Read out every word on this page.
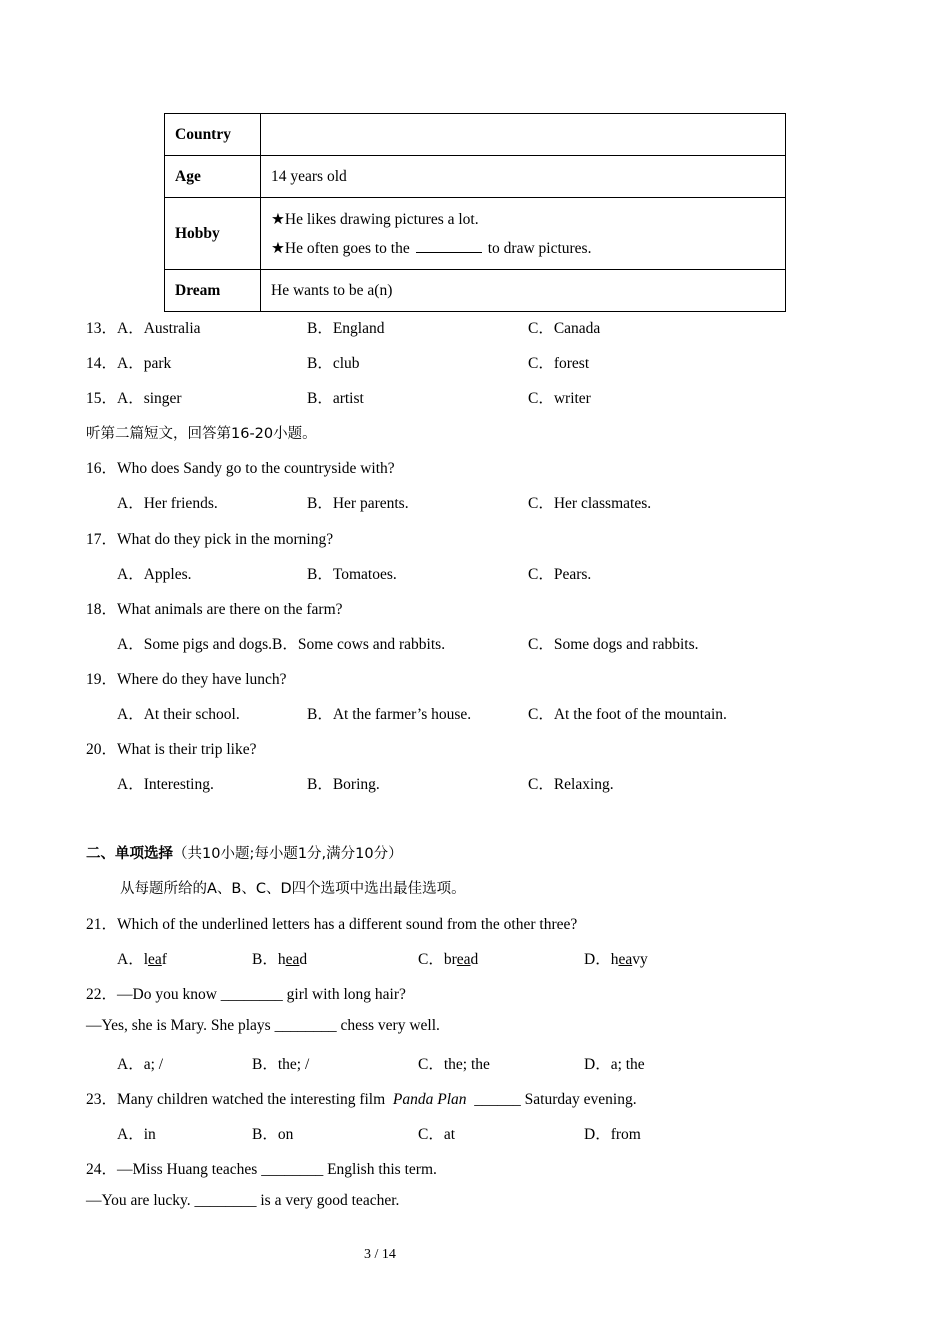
Country	
Age	14 years old
Hobby	★He likes drawing pictures a lot.
★He often goes to the to draw pictures.

Dream	He wants to be a(n)
13．A．Australia	B．England	C．Canada
14．A．park	B．club	C．forest
15．A．singer	B．artist	C．writer
听第二篇短文，回答第16-20小题。
16．Who does Sandy go to the countryside with?
A．Her friends.	B．Her parents.	C．Her classmates.
17．What do they pick in the morning?
A．Apples.	B．Tomatoes.	C．Pears.
18．What animals are there on the farm?
A．Some pigs and dogs.B．Some cows and rabbits.	C．Some dogs and rabbits.
19．Where do they have lunch?
A．At their school.	B．At the farmer’s house.	C．At the foot of the mountain.
20．What is their trip like?
A．Interesting.	B．Boring.	C．Relaxing.
二、单项选择（共10小题;每小题1分,满分10分）
从每题所给的A、B、C、D四个选项中选出最佳选项。
21．Which of the underlined letters has a different sound from the other three?
A．leaf	B．head	C．bread	D．heavy
22．—Do you know ________ girl with long hair?
—Yes, she is Mary. She plays ________ chess very well.
A．a; /	B．the; /	C．the; the	D．a; the
23．Many children watched the interesting film Panda Plan ______ Saturday evening.
A．in	B．on	C．at	D．from
24．—Miss Huang teaches ________ English this term.
—You are lucky. ________ is a very good teacher.
3 / 14
